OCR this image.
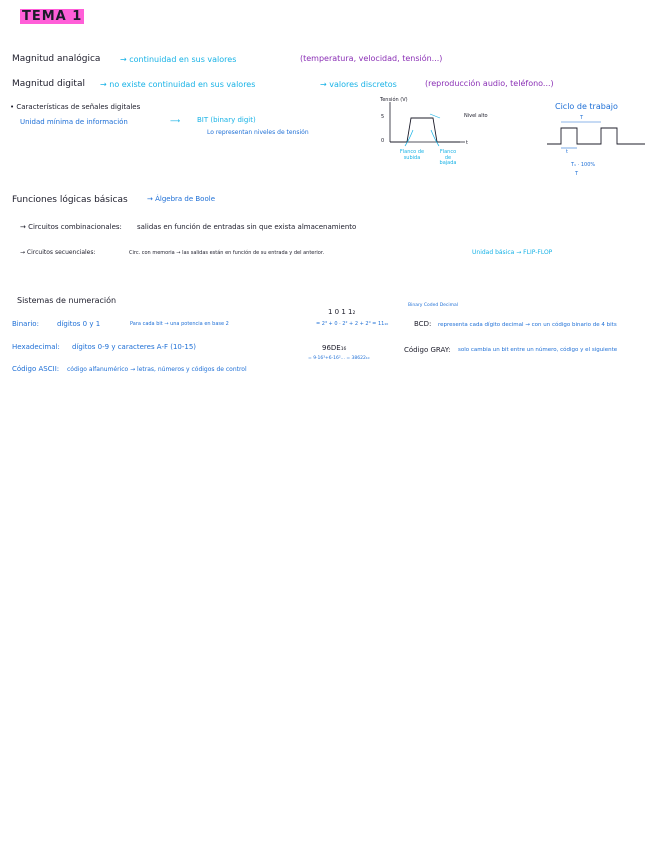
TEMA 1
Magnitud analógica → continuidad en sus valores	(temperatura, velocidad, tensión...)
Magnitud digital → no existe continuidad en sus valores	→ valores discretos	(reproducción audio, teléfono...)
• Características de señales digitales
Unidad mínima de información	⟶ BIT (binary digit)
Lo representan niveles de tensión
Tensión (V)
5
0	t
Flanco de subida
Flanco de bajada
Nivel alto
Ciclo de trabajo
T
t
T₁ · 100%
T
Funciones lógicas básicas	→ Álgebra de Boole
→ Circuitos combinacionales: salidas en función de entradas sin que exista almacenamiento
→ Circuitos secuenciales:	Circ. con memoria → las salidas están en función de su entrada y del anterior.	Unidad básica → FLIP-FLOP
Sistemas de numeración
Binario:	dígitos 0 y 1	Para cada bit → una potencia en base 2
1 0 1 1₂
= 2³ + 0 · 2² + 2 + 2⁰ = 11₁₀
Hexadecimal: dígitos 0-9 y caracteres A-F (10-15)	96DE₁₆
= 9·16³+6·16²... = 38622₁₀
Código ASCII: código alfanumérico → letras, números y códigos de control
Binary Coded Decimal
BCD: representa cada dígito decimal → con un código binario de 4 bits
Código GRAY: solo cambia un bit entre un número, código y el siguiente
